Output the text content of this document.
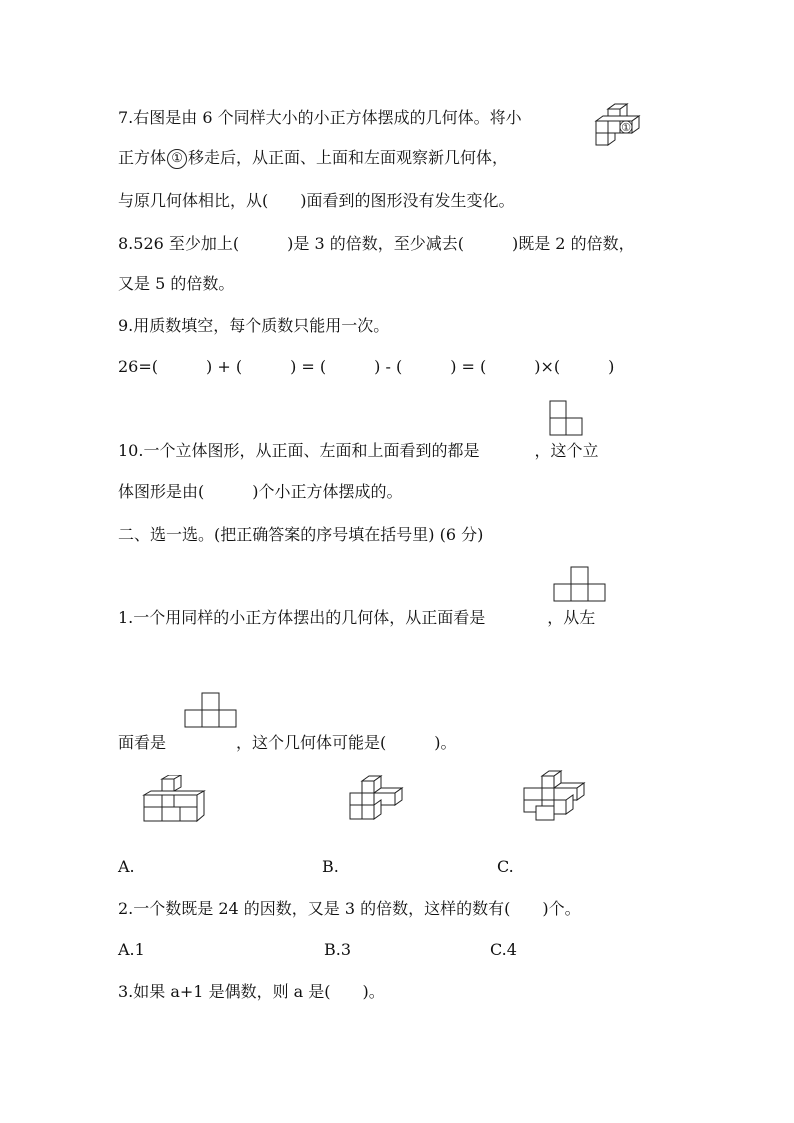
7.右图是由 6 个同样大小的小正方体摆成的几何体。将小
正方体 ① 移走后，从正面、上面和左面观察新几何体，
与原几何体相比，从(　　)面看到的图形没有发生变化。
①
8.526 至少加上(　　　)是 3 的倍数，至少减去(　　　)既是 2 的倍数，
又是 5 的倍数。
9.用质数填空，每个质数只能用一次。
26=(　　　) + (　　　) = (　　　) - (　　　) = (　　　)×(　　　)
10.一个立体图形，从正面、左面和上面看到的都是	，这个立
体图形是由(　　　)个小正方体摆成的。
二、选一选。(把正确答案的序号填在括号里) (6 分)
1.一个用同样的小正方体摆出的几何体，从正面看是	，从左
面看是	，这个几何体可能是(　　　)。
A.	B.	C.
2.一个数既是 24 的因数，又是 3 的倍数，这样的数有(　　)个。
A.1	B.3	C.4
3.如果 a+1 是偶数，则 a 是(　　)。
